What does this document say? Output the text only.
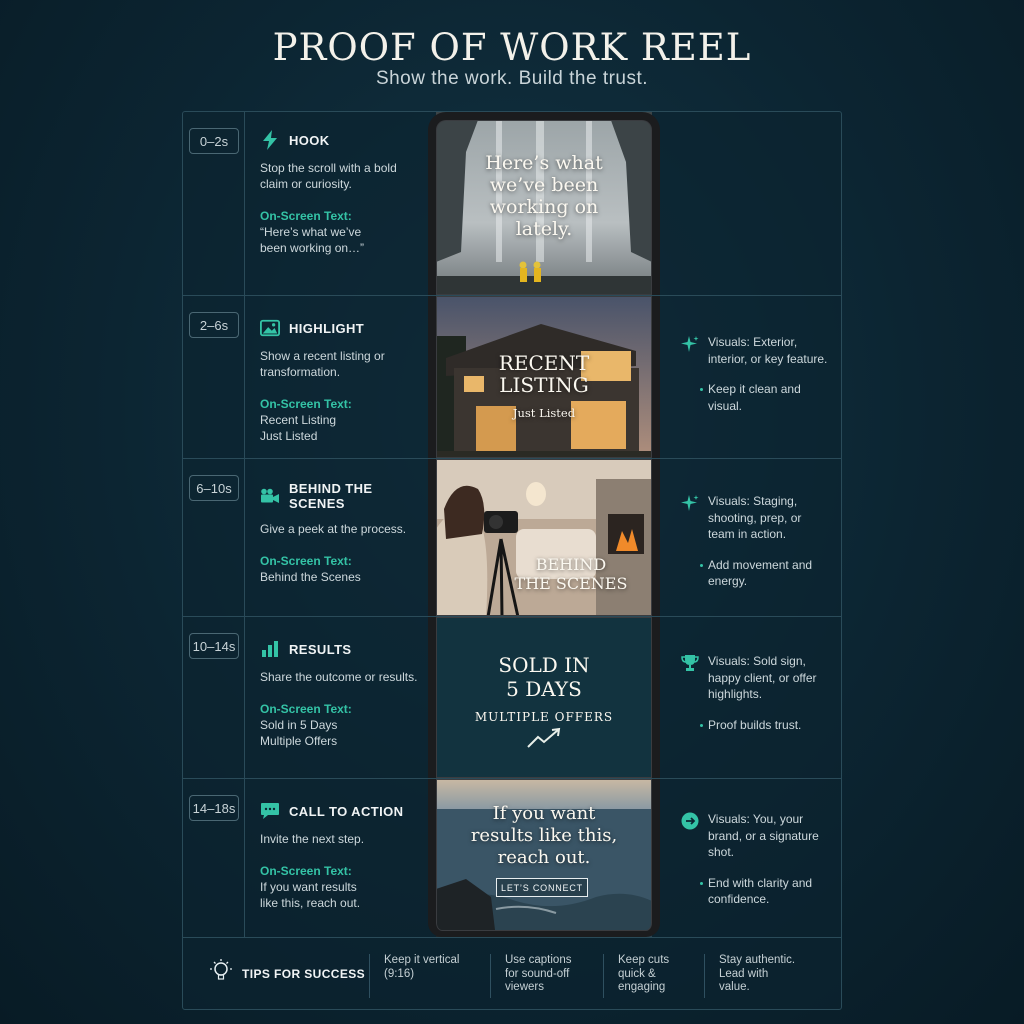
PROOF OF WORK REEL
Show the work. Build the trust.
0–2s	HOOK
Stop the scroll with a bold claim or curiosity.
On-Screen Text:
“Here’s what we’ve
been working on…”
Here’s what
we’ve been
working on
lately.
2–6s	HIGHLIGHT
Show a recent listing or transformation.
On-Screen Text:
Recent Listing
Just Listed
RECENT
LISTING
Just Listed
Visuals: Exterior, interior, or key feature.
Keep it clean and visual.
6–10s	BEHIND THE SCENES
Give a peek at the process.
On-Screen Text:
Behind the Scenes
BEHIND
THE SCENES
Visuals: Staging, shooting, prep, or team in action.
Add movement and energy.
10–14s	RESULTS
Share the outcome or results.
On-Screen Text:
Sold in 5 Days
Multiple Offers
SOLD IN
5 DAYS
MULTIPLE OFFERS
Visuals: Sold sign, happy client, or offer highlights.
Proof builds trust.
14–18s	CALL TO ACTION
Invite the next step.
On-Screen Text:
If you want results
like this, reach out.
If you want
results like this,
reach out.
LET’S CONNECT
Visuals: You, your brand, or a signature shot.
End with clarity and confidence.
TIPS FOR SUCCESS
Keep it vertical
(9:16)
Use captions
for sound-off
viewers
Keep cuts
quick &
engaging
Stay authentic.
Lead with
value.
